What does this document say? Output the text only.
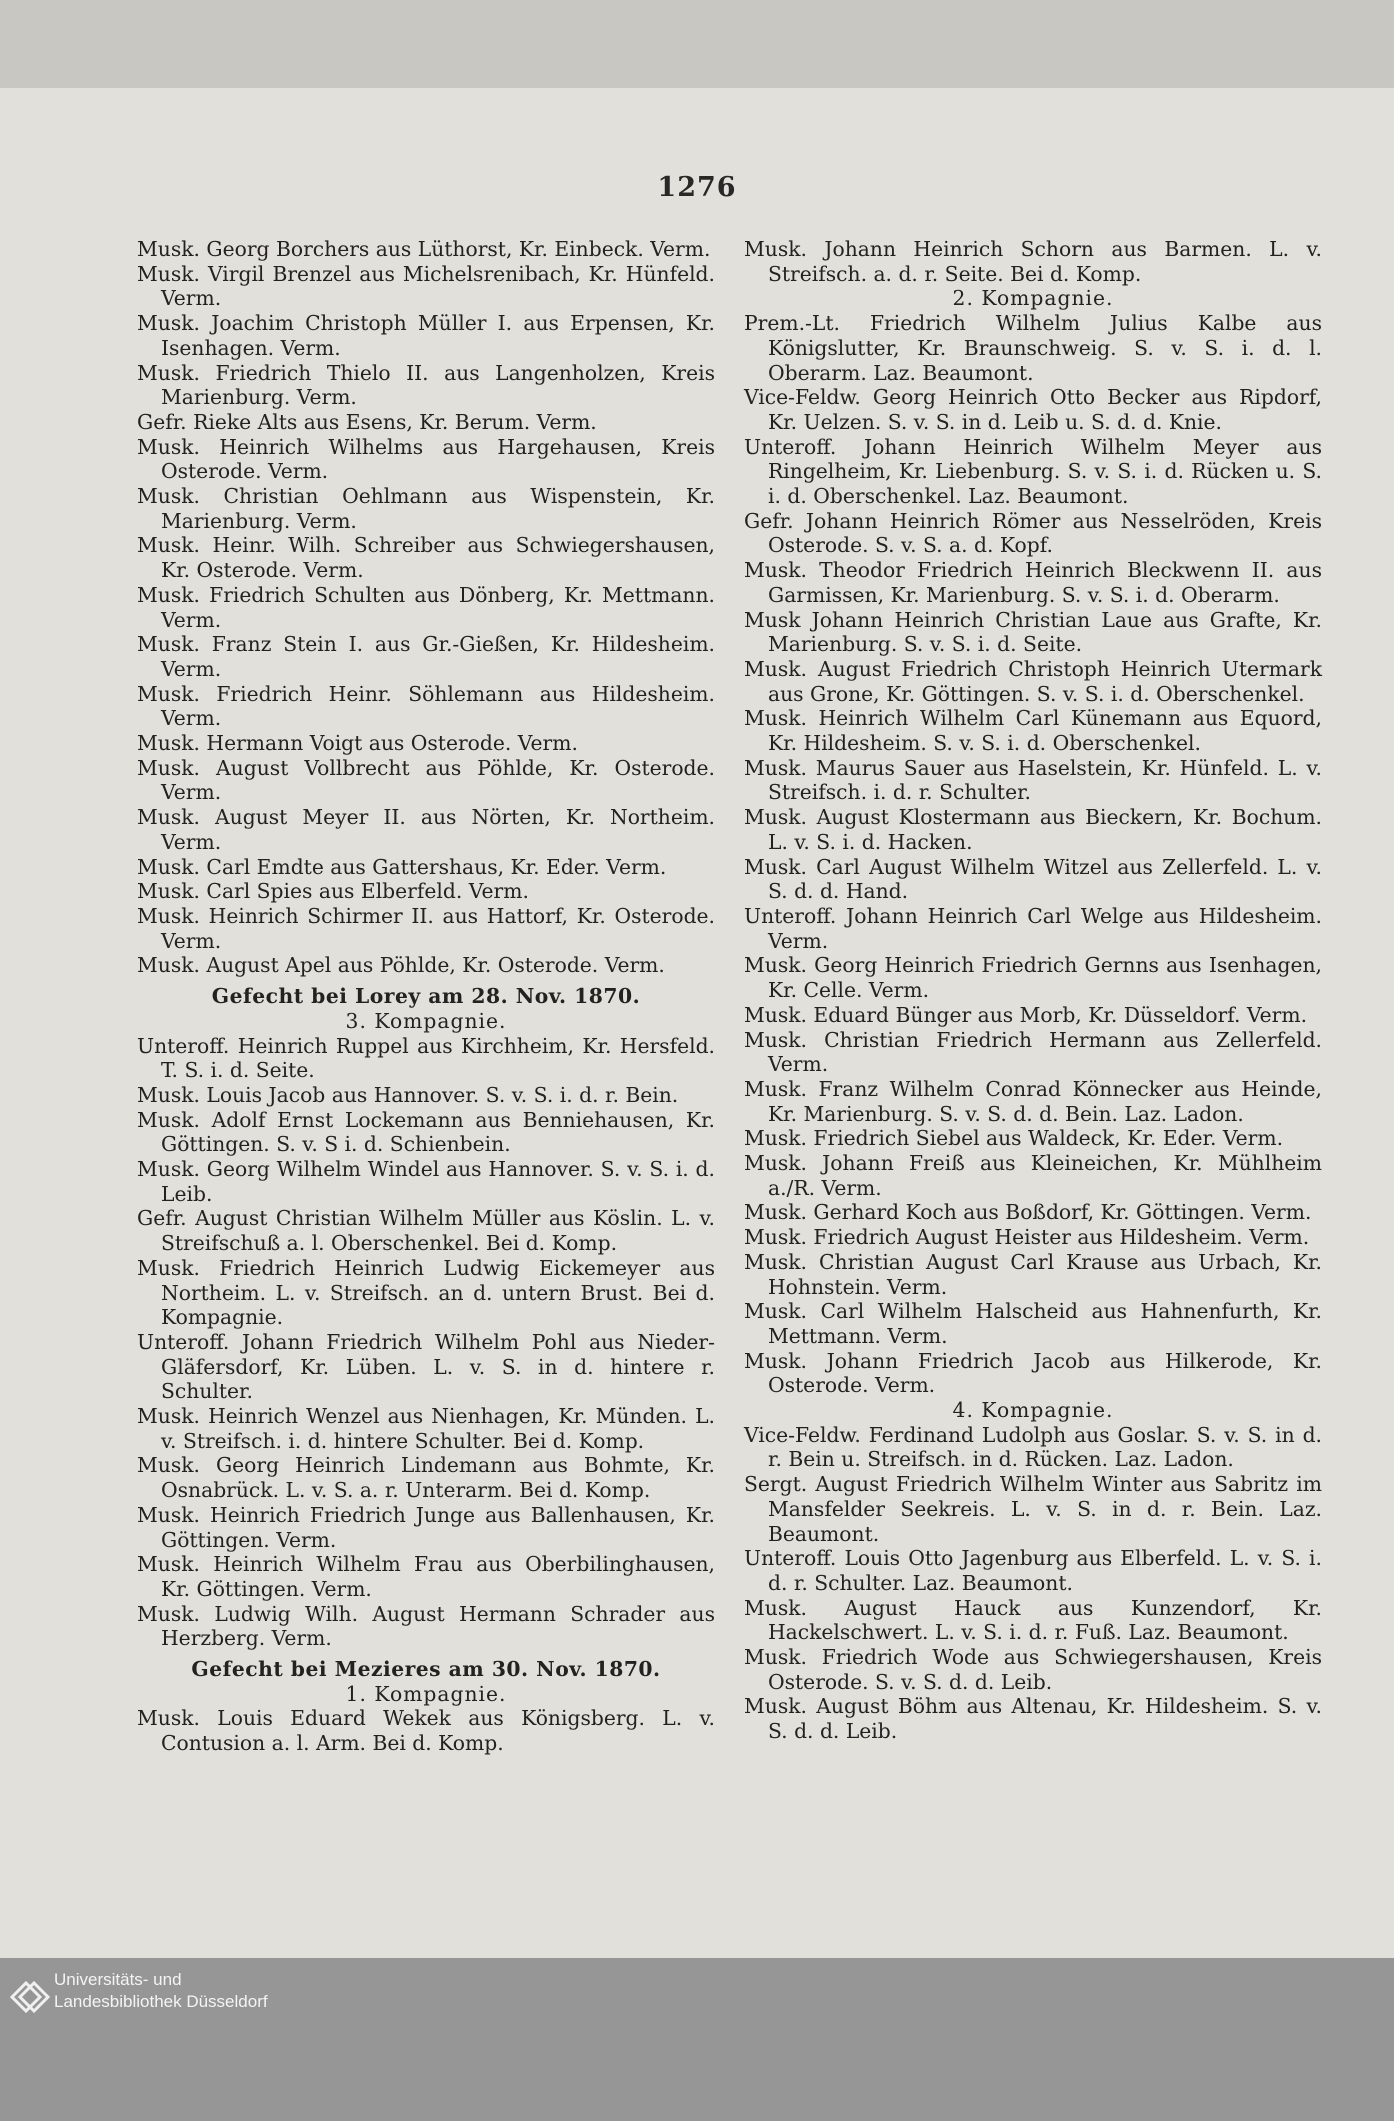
1276
Musk. Georg Borchers aus Lüthorst, Kr. Einbeck. Verm.
Musk. Virgil Brenzel aus Michelsrenibach, Kr. Hünfeld. Verm.
Musk. Joachim Christoph Müller I. aus Erpensen, Kr. Isenhagen. Verm.
Musk. Friedrich Thielo II. aus Langenholzen, Kreis Marienburg. Verm.
Gefr. Rieke Alts aus Esens, Kr. Berum. Verm.
Musk. Heinrich Wilhelms aus Hargehausen, Kreis Osterode. Verm.
Musk. Christian Oehlmann aus Wispenstein, Kr. Marienburg. Verm.
Musk. Heinr. Wilh. Schreiber aus Schwiegershausen, Kr. Osterode. Verm.
Musk. Friedrich Schulten aus Dönberg, Kr. Mettmann. Verm.
Musk. Franz Stein I. aus Gr.-Gießen, Kr. Hildesheim. Verm.
Musk. Friedrich Heinr. Söhlemann aus Hildesheim. Verm.
Musk. Hermann Voigt aus Osterode. Verm.
Musk. August Vollbrecht aus Pöhlde, Kr. Osterode. Verm.
Musk. August Meyer II. aus Nörten, Kr. Northeim. Verm.
Musk. Carl Emdte aus Gattershaus, Kr. Eder. Verm.
Musk. Carl Spies aus Elberfeld. Verm.
Musk. Heinrich Schirmer II. aus Hattorf, Kr. Osterode. Verm.
Musk. August Apel aus Pöhlde, Kr. Osterode. Verm.
Gefecht bei Lorey am 28. Nov. 1870.
3. Kompagnie.
Unteroff. Heinrich Ruppel aus Kirchheim, Kr. Hersfeld. T. S. i. d. Seite.
Musk. Louis Jacob aus Hannover. S. v. S. i. d. r. Bein.
Musk. Adolf Ernst Lockemann aus Benniehausen, Kr. Göttingen. S. v. S i. d. Schienbein.
Musk. Georg Wilhelm Windel aus Hannover. S. v. S. i. d. Leib.
Gefr. August Christian Wilhelm Müller aus Köslin. L. v. Streifschuß a. l. Oberschenkel. Bei d. Komp.
Musk. Friedrich Heinrich Ludwig Eickemeyer aus Northeim. L. v. Streifsch. an d. untern Brust. Bei d. Kompagnie.
Unteroff. Johann Friedrich Wilhelm Pohl aus Nieder-Gläfersdorf, Kr. Lüben. L. v. S. in d. hintere r. Schulter.
Musk. Heinrich Wenzel aus Nienhagen, Kr. Münden. L. v. Streifsch. i. d. hintere Schulter. Bei d. Komp.
Musk. Georg Heinrich Lindemann aus Bohmte, Kr. Osnabrück. L. v. S. a. r. Unterarm. Bei d. Komp.
Musk. Heinrich Friedrich Junge aus Ballenhausen, Kr. Göttingen. Verm.
Musk. Heinrich Wilhelm Frau aus Oberbilinghausen, Kr. Göttingen. Verm.
Musk. Ludwig Wilh. August Hermann Schrader aus Herzberg. Verm.
Gefecht bei Mezieres am 30. Nov. 1870.
1. Kompagnie.
Musk. Louis Eduard Wekek aus Königsberg. L. v. Contusion a. l. Arm. Bei d. Komp.
Musk. Johann Heinrich Schorn aus Barmen. L. v. Streifsch. a. d. r. Seite. Bei d. Komp.
2. Kompagnie.
Prem.-Lt. Friedrich Wilhelm Julius Kalbe aus Königslutter, Kr. Braunschweig. S. v. S. i. d. l. Oberarm. Laz. Beaumont.
Vice-Feldw. Georg Heinrich Otto Becker aus Ripdorf, Kr. Uelzen. S. v. S. in d. Leib u. S. d. d. Knie.
Unteroff. Johann Heinrich Wilhelm Meyer aus Ringelheim, Kr. Liebenburg. S. v. S. i. d. Rücken u. S. i. d. Oberschenkel. Laz. Beaumont.
Gefr. Johann Heinrich Römer aus Nesselröden, Kreis Osterode. S. v. S. a. d. Kopf.
Musk. Theodor Friedrich Heinrich Bleckwenn II. aus Garmissen, Kr. Marienburg. S. v. S. i. d. Oberarm.
Musk Johann Heinrich Christian Laue aus Grafte, Kr. Marienburg. S. v. S. i. d. Seite.
Musk. August Friedrich Christoph Heinrich Utermark aus Grone, Kr. Göttingen. S. v. S. i. d. Oberschenkel.
Musk. Heinrich Wilhelm Carl Künemann aus Equord, Kr. Hildesheim. S. v. S. i. d. Oberschenkel.
Musk. Maurus Sauer aus Haselstein, Kr. Hünfeld. L. v. Streifsch. i. d. r. Schulter.
Musk. August Klostermann aus Bieckern, Kr. Bochum. L. v. S. i. d. Hacken.
Musk. Carl August Wilhelm Witzel aus Zellerfeld. L. v. S. d. d. Hand.
Unteroff. Johann Heinrich Carl Welge aus Hildesheim. Verm.
Musk. Georg Heinrich Friedrich Gernns aus Isenhagen, Kr. Celle. Verm.
Musk. Eduard Bünger aus Morb, Kr. Düsseldorf. Verm.
Musk. Christian Friedrich Hermann aus Zellerfeld. Verm.
Musk. Franz Wilhelm Conrad Könnecker aus Heinde, Kr. Marienburg. S. v. S. d. d. Bein. Laz. Ladon.
Musk. Friedrich Siebel aus Waldeck, Kr. Eder. Verm.
Musk. Johann Freiß aus Kleineichen, Kr. Mühlheim a./R. Verm.
Musk. Gerhard Koch aus Boßdorf, Kr. Göttingen. Verm.
Musk. Friedrich August Heister aus Hildesheim. Verm.
Musk. Christian August Carl Krause aus Urbach, Kr. Hohnstein. Verm.
Musk. Carl Wilhelm Halscheid aus Hahnenfurth, Kr. Mettmann. Verm.
Musk. Johann Friedrich Jacob aus Hilkerode, Kr. Osterode. Verm.
4. Kompagnie.
Vice-Feldw. Ferdinand Ludolph aus Goslar. S. v. S. in d. r. Bein u. Streifsch. in d. Rücken. Laz. Ladon.
Sergt. August Friedrich Wilhelm Winter aus Sabritz im Mansfelder Seekreis. L. v. S. in d. r. Bein. Laz. Beaumont.
Unteroff. Louis Otto Jagenburg aus Elberfeld. L. v. S. i. d. r. Schulter. Laz. Beaumont.
Musk. August Hauck aus Kunzendorf, Kr. Hackelschwert. L. v. S. i. d. r. Fuß. Laz. Beaumont.
Musk. Friedrich Wode aus Schwiegershausen, Kreis Osterode. S. v. S. d. d. Leib.
Musk. August Böhm aus Altenau, Kr. Hildesheim. S. v. S. d. d. Leib.
Universitäts- und
Landesbibliothek Düsseldorf
